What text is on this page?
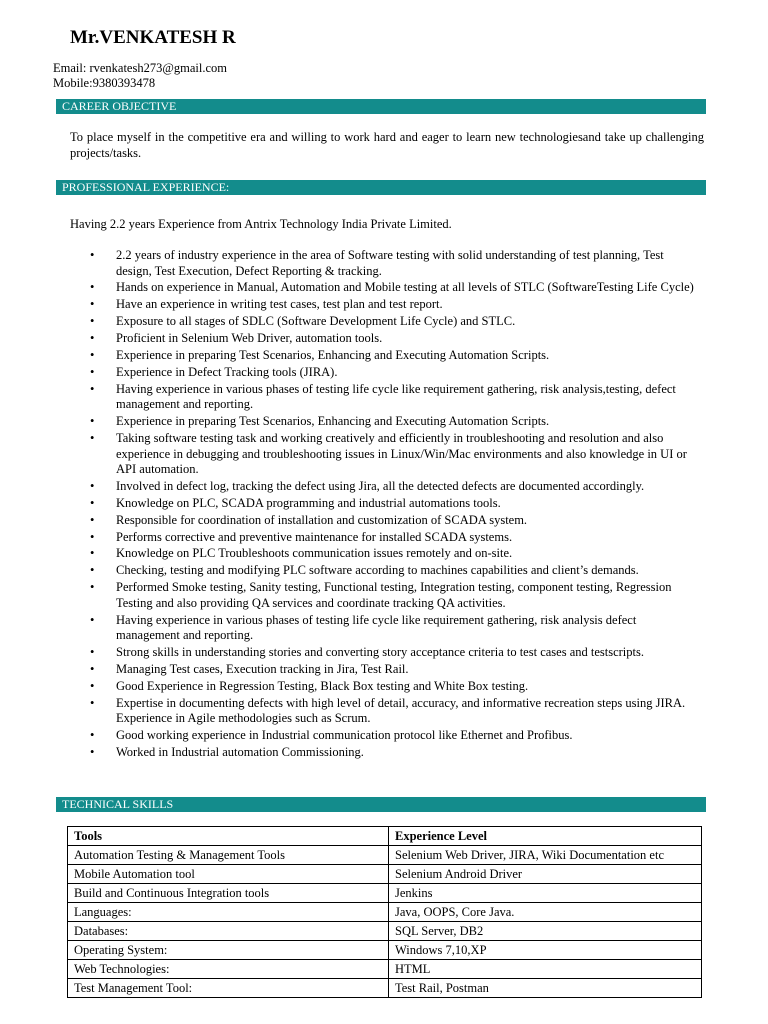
Mr.VENKATESH R
Email: rvenkatesh273@gmail.com
Mobile:9380393478
CAREER OBJECTIVE
To place myself in the competitive era and willing to work hard and eager to learn new technologiesand take up challenging projects/tasks.
PROFESSIONAL EXPERIENCE:
Having 2.2 years Experience from Antrix Technology India Private Limited.
• 2.2 years of industry experience in the area of Software testing with solid understanding of test planning, Test design, Test Execution, Defect Reporting & tracking.
• Hands on experience in Manual, Automation and Mobile testing at all levels of STLC (SoftwareTesting Life Cycle)
• Have an experience in writing test cases, test plan and test report.
• Exposure to all stages of SDLC (Software Development Life Cycle) and STLC.
• Proficient in Selenium Web Driver, automation tools.
• Experience in preparing Test Scenarios, Enhancing and Executing Automation Scripts.
• Experience in Defect Tracking tools (JIRA).
• Having experience in various phases of testing life cycle like requirement gathering, risk analysis,testing, defect management and reporting.
• Experience in preparing Test Scenarios, Enhancing and Executing Automation Scripts.
• Taking software testing task and working creatively and efficiently in troubleshooting and resolution and also experience in debugging and troubleshooting issues in Linux/Win/Mac environments and also knowledge in UI or API automation.
• Involved in defect log, tracking the defect using Jira, all the detected defects are documented accordingly.
• Knowledge on PLC, SCADA programming and industrial automations tools.
• Responsible for coordination of installation and customization of SCADA system.
• Performs corrective and preventive maintenance for installed SCADA systems.
• Knowledge on PLC Troubleshoots communication issues remotely and on-site.
• Checking, testing and modifying PLC software according to machines capabilities and client’s demands.
• Performed Smoke testing, Sanity testing, Functional testing, Integration testing, component testing, Regression Testing and also providing QA services and coordinate tracking QA activities.
• Having experience in various phases of testing life cycle like requirement gathering, risk analysis defect management and reporting.
• Strong skills in understanding stories and converting story acceptance criteria to test cases and testscripts.
• Managing Test cases, Execution tracking in Jira, Test Rail.
• Good Experience in Regression Testing, Black Box testing and White Box testing.
• Expertise in documenting defects with high level of detail, accuracy, and informative recreation steps using JIRA. Experience in Agile methodologies such as Scrum.
• Good working experience in Industrial communication protocol like Ethernet and Profibus.
• Worked in Industrial automation Commissioning.
TECHNICAL SKILLS
Tools	Experience Level
Automation Testing & Management Tools	Selenium Web Driver, JIRA, Wiki Documentation etc
Mobile Automation tool	Selenium Android Driver
Build and Continuous Integration tools	Jenkins
Languages:	Java, OOPS, Core Java.
Databases:	SQL Server, DB2
Operating System:	Windows 7,10,XP
Web Technologies:	HTML
Test Management Tool:	Test Rail, Postman
